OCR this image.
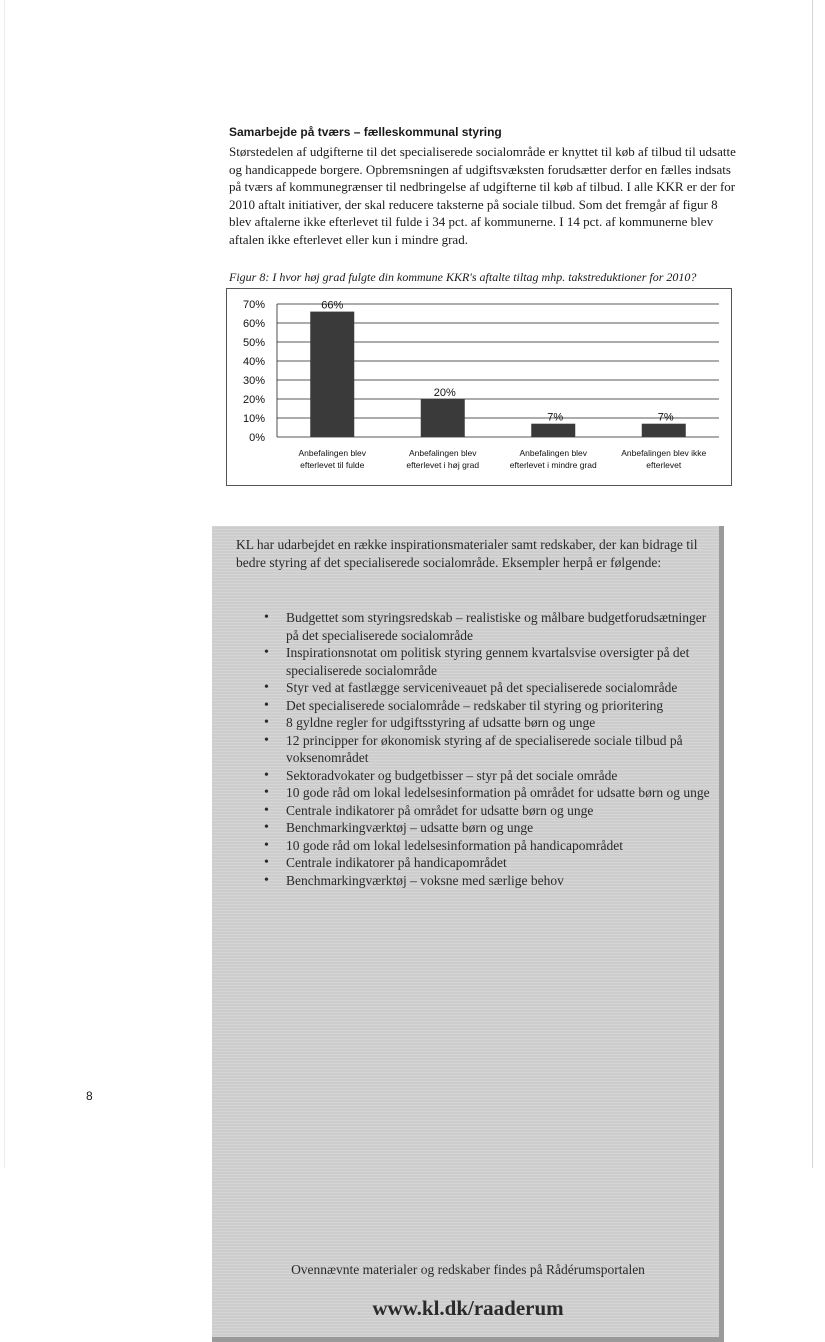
Samarbejde på tværs – fælleskommunal styring

Størstedelen af udgifterne til det specialiserede socialområde er knyttet til køb af tilbud til udsatte og handicappede borgere. Opbremsningen af udgiftsvæksten forudsætter derfor en fælles indsats på tværs af kommunegrænser til nedbringelse af udgifterne til køb af tilbud. I alle KKR er der for 2010 aftalt initiativer, der skal reducere taksterne på sociale tilbud. Som det fremgår af figur 8 blev aftalerne ikke efterlevet til fulde i 34 pct. af kommunerne. I 14 pct. af kommunerne blev aftalen ikke efterlevet eller kun i mindre grad.

Figur 8: I hvor høj grad fulgte din kommune KKR's aftalte tiltag mhp. takstreduktioner for 2010?
0%
10%
20%
30%
40%
50%
60%
70%	66%
Anbefalingen blev
efterlevet til fulde
20%
Anbefalingen blev
efterlevet i høj grad
7%
Anbefalingen blev
efterlevet i mindre grad
7%
Anbefalingen blev ikke
efterlevet

KL har udarbejdet en række inspirationsmaterialer samt redskaber, der kan bidrage til bedre styring af det specialiserede socialområde. Eksempler herpå er følgende:

• Budgettet som styringsredskab – realistiske og målbare budgetforudsætninger på det specialiserede socialområde
• Inspirationsnotat om politisk styring gennem kvartalsvise oversigter på det specialiserede socialområde
• Styr ved at fastlægge serviceniveauet på det specialiserede socialområde
• Det specialiserede socialområde – redskaber til styring og prioritering
• 8 gyldne regler for udgiftsstyring af udsatte børn og unge
• 12 principper for økonomisk styring af de specialiserede sociale tilbud på voksenområdet
• Sektoradvokater og budgetbisser – styr på det sociale område
• 10 gode råd om lokal ledelsesinformation på området for udsatte børn og unge
• Centrale indikatorer på området for udsatte børn og unge
• Benchmarkingværktøj – udsatte børn og unge
• 10 gode råd om lokal ledelsesinformation på handicapområdet
• Centrale indikatorer på handicapområdet
• Benchmarkingværktøj – voksne med særlige behov

Ovennævnte materialer og redskaber findes på Rådérumsportalen

www.kl.dk/raaderum

8
